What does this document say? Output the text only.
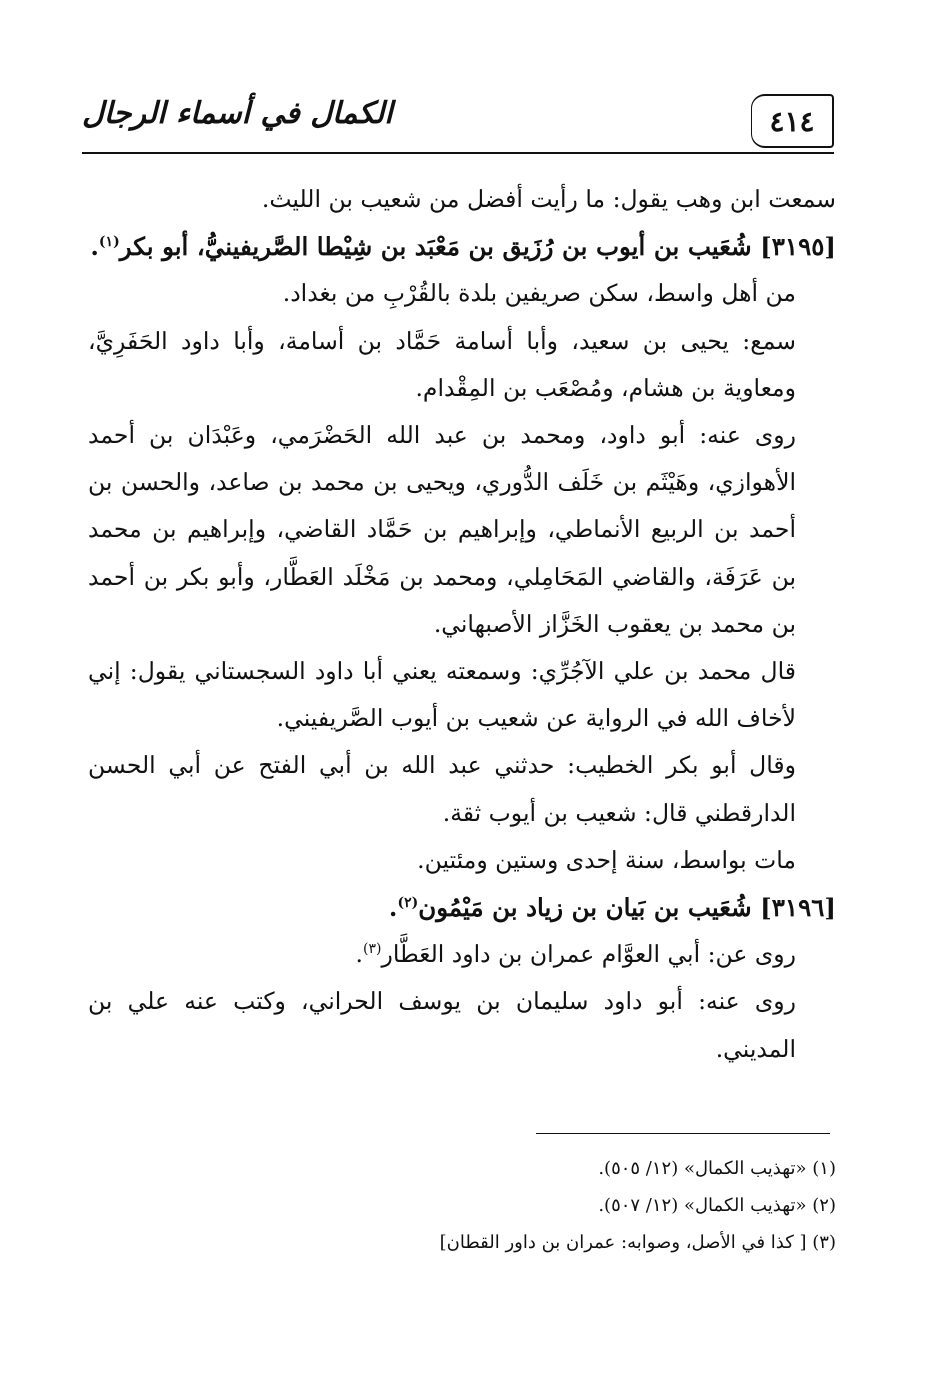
الكمال في أسماء الرجال	٤١٤

سمعت ابن وهب يقول: ما رأيت أفضل من شعيب بن الليث.

[٣١٩٥] شُعَيب بن أيوب بن رُزَيق بن مَعْبَد بن شِيْطا الصَّريفينيُّ، أبو بكر$^{(١)}$.

من أهل واسط، سكن صريفين بلدة بالقُرْبِ من بغداد.

سمع: يحيى بن سعيد، وأبا أسامة حَمَّاد بن أسامة، وأبا داود الحَفَرِيَّ، ومعاوية بن هشام، ومُصْعَب بن المِقْدام.

روى عنه: أبو داود، ومحمد بن عبد الله الحَضْرَمي، وعَبْدَان بن أحمد الأهوازي، وهَيْثَم بن خَلَف الدُّوري، ويحيى بن محمد بن صاعد، والحسن بن أحمد بن الربيع الأنماطي، وإبراهيم بن حَمَّاد القاضي، وإبراهيم بن محمد بن عَرَفَة، والقاضي المَحَامِلي، ومحمد بن مَخْلَد العَطَّار، وأبو بكر بن أحمد بن محمد بن يعقوب الخَزَّاز الأصبهاني.

قال محمد بن علي الآجُرِّي: وسمعته يعني أبا داود السجستاني يقول: إني لأخاف الله في الرواية عن شعيب بن أيوب الصَّريفيني.

وقال أبو بكر الخطيب: حدثني عبد الله بن أبي الفتح عن أبي الحسن الدارقطني قال: شعيب بن أيوب ثقة.

مات بواسط، سنة إحدى وستين ومئتين.

[٣١٩٦] شُعَيب بن بَيان بن زياد بن مَيْمُون$^{(٢)}$.

روى عن: أبي العوَّام عمران بن داود العَطَّار$^{(٣)}$.

روى عنه: أبو داود سليمان بن يوسف الحراني، وكتب عنه علي بن المديني.

(١) «تهذيب الكمال» (١٢/ ٥٠٥).

(٢) «تهذيب الكمال» (١٢/ ٥٠٧).

(٣) [ كذا في الأصل، وصوابه: عمران بن داور القطان]
